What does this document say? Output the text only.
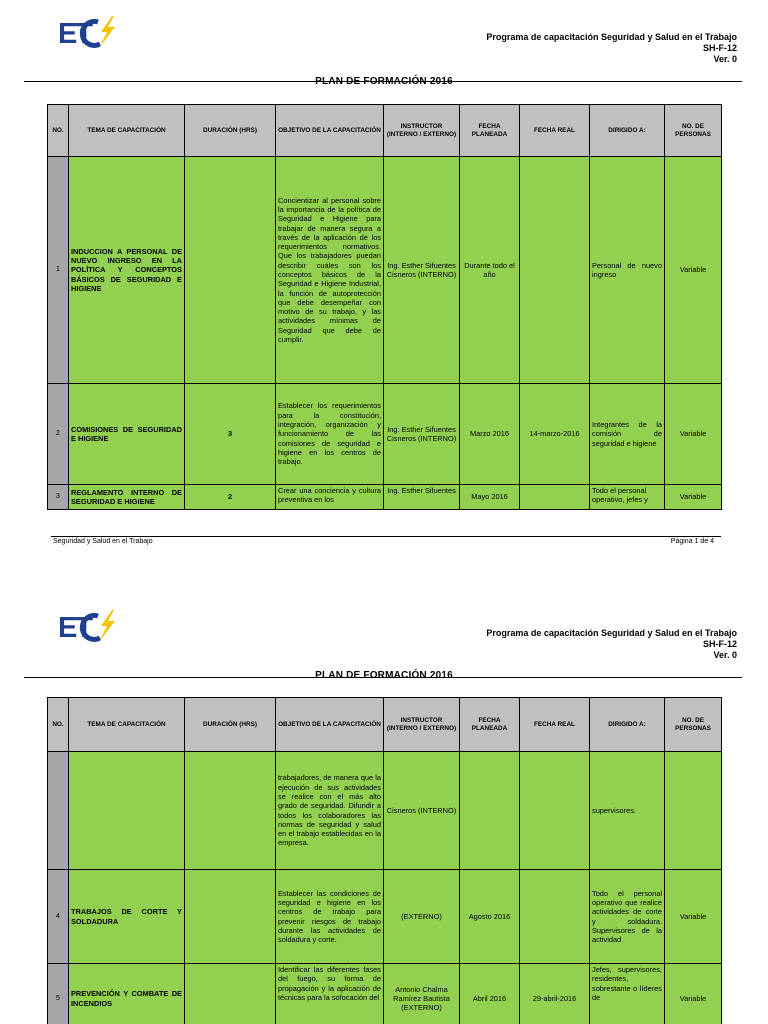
ET	Programa de capacitación Seguridad y Salud en el Trabajo
SH-F-12
Ver. 0
PLAN DE FORMACIÓN 2016
NO.	TEMA DE CAPACITACIÓN	DURACIÓN (HRS)	OBJETIVO DE LA CAPACITACIÓN	INSTRUCTOR (INTERNO / EXTERNO)	FECHA PLANEADA	FECHA REAL	DIRIGIDO A:	NO. DE PERSONAS
1	INDUCCION A PERSONAL DE NUEVO INGRESO EN LA POLÍTICA Y CONCEPTOS BÁSICOS DE SEGURIDAD E HIGIENE		Concientizar al personal sobre la importancia de la política de Seguridad e Higiene para trabajar de manera segura a través de la aplicación de los requerimientos normativos. Que los trabajadores puedan describir cuáles son los conceptos básicos de la Seguridad e Higiene Industrial, la función de autoprotección que debe desempeñar con motivo de su trabajo, y las actividades mínimas de Seguridad que debe de cumplir.	Ing. Esther Sifuentes Cisneros (INTERNO)	Durante todo el año		Personal de nuevo ingreso	Variable
2	COMISIONES DE SEGURIDAD E HIGIENE	3	Establecer los requerimientos para la constitución, integración, organización y funcionamiento de las comisiones de seguridad e higiene en los centros de trabajo.	Ing. Esther Sifuentes Cisneros (INTERNO)	Marzo 2016	14-marzo-2016	Integrantes de la comisión de seguridad e higiene	Variable
3	REGLAMENTO INTERNO DE SEGURIDAD E HIGIENE	2	Crear una conciencia y cultura preventiva en los	Ing. Esther Sifuentes	Mayo 2016		Todo el personal operativo, jefes y	Variable
Seguridad y Salud en el Trabajo	Página 1 de 4
ET	Programa de capacitación Seguridad y Salud en el Trabajo
SH-F-12
Ver. 0
PLAN DE FORMACIÓN 2016
NO.	TEMA DE CAPACITACIÓN	DURACIÓN (HRS)	OBJETIVO DE LA CAPACITACIÓN	INSTRUCTOR (INTERNO / EXTERNO)	FECHA PLANEADA	FECHA REAL	DIRIGIDO A:	NO. DE PERSONAS
			trabajadores, de manera que la ejecución de sus actividades se realice con el más alto grado de seguridad. Difundir a todos los colaboradores las normas de seguridad y salud en el trabajo establecidas en la empresa.	Cisneros (INTERNO)			supervisores.	
4	TRABAJOS DE CORTE Y SOLDADURA		Establecer las condiciones de seguridad e higiene en los centros de trabajo para prevenir riesgos de trabajo durante las actividades de soldadura y corte.	(EXTERNO)	Agosto 2016		Todo el personal operativo que realice actividades de corte y soldadura. Supervisores de la actividad	Variable
5	PREVENCIÓN Y COMBATE DE INCENDIOS		Identificar las diferentes fases del fuego, su forma de propagación y la aplicación de técnicas para la sofocación del	Antonio Chalma Ramírez Bautista (EXTERNO)	Abril 2016	29-abril-2016	Jefes, supervisores, residentes, sobrestante o líderes de	Variable
